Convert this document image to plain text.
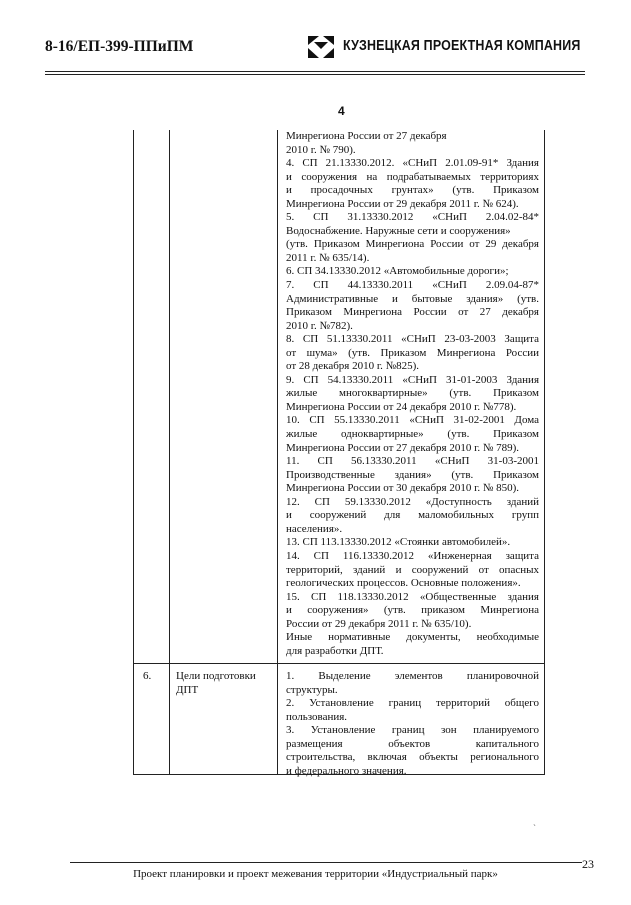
8-16/ЕП-399-ППиПМ	КУЗНЕЦКАЯ ПРОЕКТНАЯ КОМПАНИЯ
4
Минрегиона России от 27 декабря
2010 г. № 790).
4. СП 21.13330.2012. «СНиП 2.01.09-91* Здания
и сооружения на подрабатываемых территориях
и просадочных грунтах» (утв. Приказом
Минрегиона России от 29 декабря 2011 г. № 624).
5. СП 31.13330.2012 «СНиП 2.04.02-84*
Водоснабжение. Наружные сети и сооружения»
(утв. Приказом Минрегиона России от 29 декабря
2011 г. № 635/14).
6. СП 34.13330.2012 «Автомобильные дороги»;
7. СП 44.13330.2011 «СНиП 2.09.04-87*
Административные и бытовые здания» (утв.
Приказом Минрегиона России от 27 декабря
2010 г. №782).
8. СП 51.13330.2011 «СНиП 23-03-2003 Защита
от шума» (утв. Приказом Минрегиона России
от 28 декабря 2010 г. №825).
9. СП 54.13330.2011 «СНиП 31-01-2003 Здания
жилые многоквартирные» (утв. Приказом
Минрегиона России от 24 декабря 2010 г. №778).
10. СП 55.13330.2011 «СНиП 31-02-2001 Дома
жилые одноквартирные» (утв. Приказом
Минрегиона России от 27 декабря 2010 г. № 789).
11. СП 56.13330.2011 «СНиП 31-03-2001
Производственные здания» (утв. Приказом
Минрегиона России от 30 декабря 2010 г. № 850).
12. СП 59.13330.2012 «Доступность зданий
и сооружений для маломобильных групп
населения».
13. СП 113.13330.2012 «Стоянки автомобилей».
14. СП 116.13330.2012 «Инженерная защита
территорий, зданий и сооружений от опасных
геологических процессов. Основные положения».
15. СП 118.13330.2012 «Общественные здания
и сооружения» (утв. приказом Минрегиона
России от 29 декабря 2011 г. № 635/10).
Иные нормативные документы, необходимые
для разработки ДПТ.
6. Цели подготовки
ДПТ
1. Выделение элементов планировочной
структуры.
2. Установление границ территорий общего
пользования.
3. Установление границ зон планируемого
размещения объектов капитального
строительства, включая объекты регионального
и федерального значения.
`
23
Проект планировки и проект межевания территории «Индустриальный парк»
